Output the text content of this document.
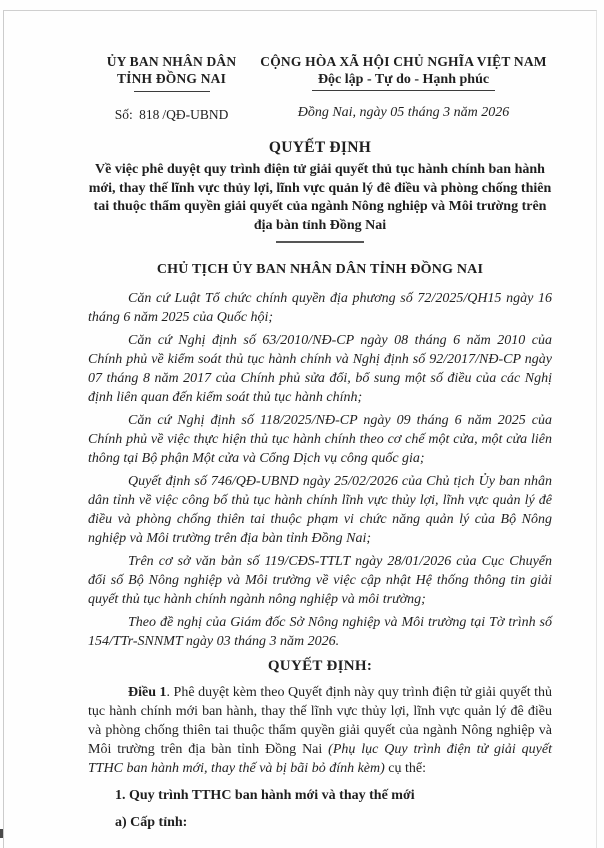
ỦY BAN NHÂN DÂN
TỈNH ĐỒNG NAI
Số: 818 /QĐ-UBND
CỘNG HÒA XÃ HỘI CHỦ NGHĨA VIỆT NAM
Độc lập - Tự do - Hạnh phúc
Đồng Nai, ngày 05 tháng 3 năm 2026
QUYẾT ĐỊNH
Về việc phê duyệt quy trình điện tử giải quyết thủ tục hành chính ban hành mới, thay thế lĩnh vực thủy lợi, lĩnh vực quản lý đê điều và phòng chống thiên tai thuộc thẩm quyền giải quyết của ngành Nông nghiệp và Môi trường trên địa bàn tỉnh Đồng Nai
CHỦ TỊCH ỦY BAN NHÂN DÂN TỈNH ĐỒNG NAI

Căn cứ Luật Tổ chức chính quyền địa phương số 72/2025/QH15 ngày 16 tháng 6 năm 2025 của Quốc hội;

Căn cứ Nghị định số 63/2010/NĐ-CP ngày 08 tháng 6 năm 2010 của Chính phủ về kiểm soát thủ tục hành chính và Nghị định số 92/2017/NĐ-CP ngày 07 tháng 8 năm 2017 của Chính phủ sửa đổi, bổ sung một số điều của các Nghị định liên quan đến kiểm soát thủ tục hành chính;

Căn cứ Nghị định số 118/2025/NĐ-CP ngày 09 tháng 6 năm 2025 của Chính phủ về việc thực hiện thủ tục hành chính theo cơ chế một cửa, một cửa liên thông tại Bộ phận Một cửa và Cổng Dịch vụ công quốc gia;

Quyết định số 746/QĐ-UBND ngày 25/02/2026 của Chủ tịch Ủy ban nhân dân tỉnh về việc công bố thủ tục hành chính lĩnh vực thủy lợi, lĩnh vực quản lý đê điều và phòng chống thiên tai thuộc phạm vi chức năng quản lý của Bộ Nông nghiệp và Môi trường trên địa bàn tỉnh Đồng Nai;

Trên cơ sở văn bản số 119/CĐS-TTLT ngày 28/01/2026 của Cục Chuyển đổi số Bộ Nông nghiệp và Môi trường về việc cập nhật Hệ thống thông tin giải quyết thủ tục hành chính ngành nông nghiệp và môi trường;

Theo đề nghị của Giám đốc Sở Nông nghiệp và Môi trường tại Tờ trình số 154/TTr-SNNMT ngày 03 tháng 3 năm 2026.

QUYẾT ĐỊNH:

Điều 1. Phê duyệt kèm theo Quyết định này quy trình điện tử giải quyết thủ tục hành chính mới ban hành, thay thế lĩnh vực thủy lợi, lĩnh vực quản lý đê điều và phòng chống thiên tai thuộc thẩm quyền giải quyết của ngành Nông nghiệp và Môi trường trên địa bàn tỉnh Đồng Nai (Phụ lục Quy trình điện tử giải quyết TTHC ban hành mới, thay thế và bị bãi bỏ đính kèm) cụ thể:

1. Quy trình TTHC ban hành mới và thay thế mới

a) Cấp tỉnh:
